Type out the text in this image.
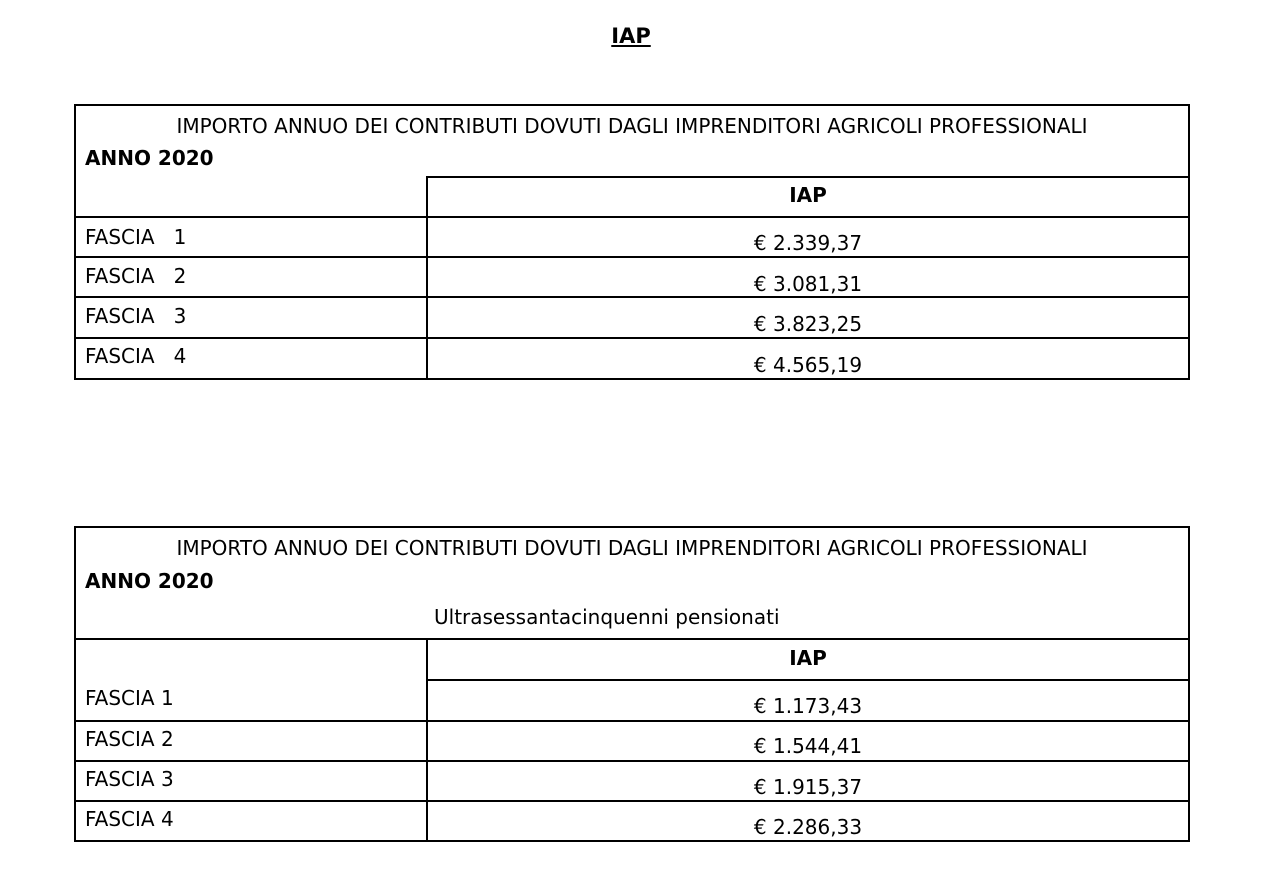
IAP
IMPORTO ANNUO DEI CONTRIBUTI DOVUTI DAGLI IMPRENDITORI AGRICOLI PROFESSIONALI
ANNO 2020
IAP
FASCIA   1	€ 2.339,37
FASCIA   2	€ 3.081,31
FASCIA   3	€ 3.823,25
FASCIA   4	€ 4.565,19
IMPORTO ANNUO DEI CONTRIBUTI DOVUTI DAGLI IMPRENDITORI AGRICOLI PROFESSIONALI
ANNO 2020
Ultrasessantacinquenni pensionati
IAP
FASCIA 1	€ 1.173,43
FASCIA 2	€ 1.544,41
FASCIA 3	€ 1.915,37
FASCIA 4	€ 2.286,33
